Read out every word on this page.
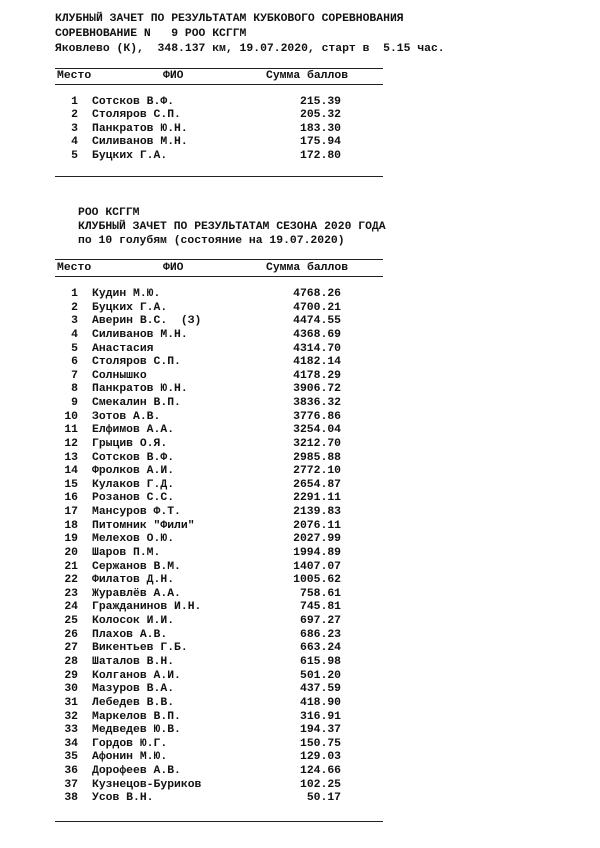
КЛУБНЫЙ ЗАЧЕТ ПО РЕЗУЛЬТАТАМ КУБКОВОГО СОРЕВНОВАНИЯ
СОРЕВНОВАНИЕ N   9 РОО КСГГМ
Яковлево (К),  348.137 км, 19.07.2020, старт в  5.15 час.
Место	ФИО	Сумма баллов
1 Сотсков В.Ф.	215.39
2 Столяров С.П.	205.32
3 Панкратов Ю.Н.	183.30
4 Силиванов М.Н.	175.94
5 Буцких Г.А.	172.80
РОО КСГГМ
КЛУБНЫЙ ЗАЧЕТ ПО РЕЗУЛЬТАТАМ СЕЗОНА 2020 ГОДА
по 10 голубям (состояние на 19.07.2020)
Место	ФИО	Сумма баллов
1 Кудин М.Ю.	4768.26
2 Буцких Г.А.	4700.21
3 Аверин В.С.  (З)	4474.55
4 Силиванов М.Н.	4368.69
5 Анастасия	4314.70
6 Столяров С.П.	4182.14
7 Солнышко	4178.29
8 Панкратов Ю.Н.	3906.72
9 Смекалин В.П.	3836.32
10 Зотов А.В.	3776.86
11 Елфимов А.А.	3254.04
12 Грыцив О.Я.	3212.70
13 Сотсков В.Ф.	2985.88
14 Фролков А.И.	2772.10
15 Кулаков Г.Д.	2654.87
16 Розанов С.С.	2291.11
17 Мансуров Ф.Т.	2139.83
18 Питомник "Фили"	2076.11
19 Мелехов О.Ю.	2027.99
20 Шаров П.М.	1994.89
21 Сержанов В.М.	1407.07
22 Филатов Д.Н.	1005.62
23 Журавлёв А.А.	758.61
24 Гражданинов И.Н.	745.81
25 Колосок И.И.	697.27
26 Плахов А.В.	686.23
27 Викентьев Г.Б.	663.24
28 Шаталов В.Н.	615.98
29 Колганов А.И.	501.20
30 Мазуров В.А.	437.59
31 Лебедев В.В.	418.90
32 Маркелов В.П.	316.91
33 Медведев Ю.В.	194.37
34 Гордов Ю.Г.	150.75
35 Афонин М.Ю.	129.03
36 Дорофеев А.В.	124.66
37 Кузнецов-Буриков	102.25
38 Усов В.Н.	50.17
